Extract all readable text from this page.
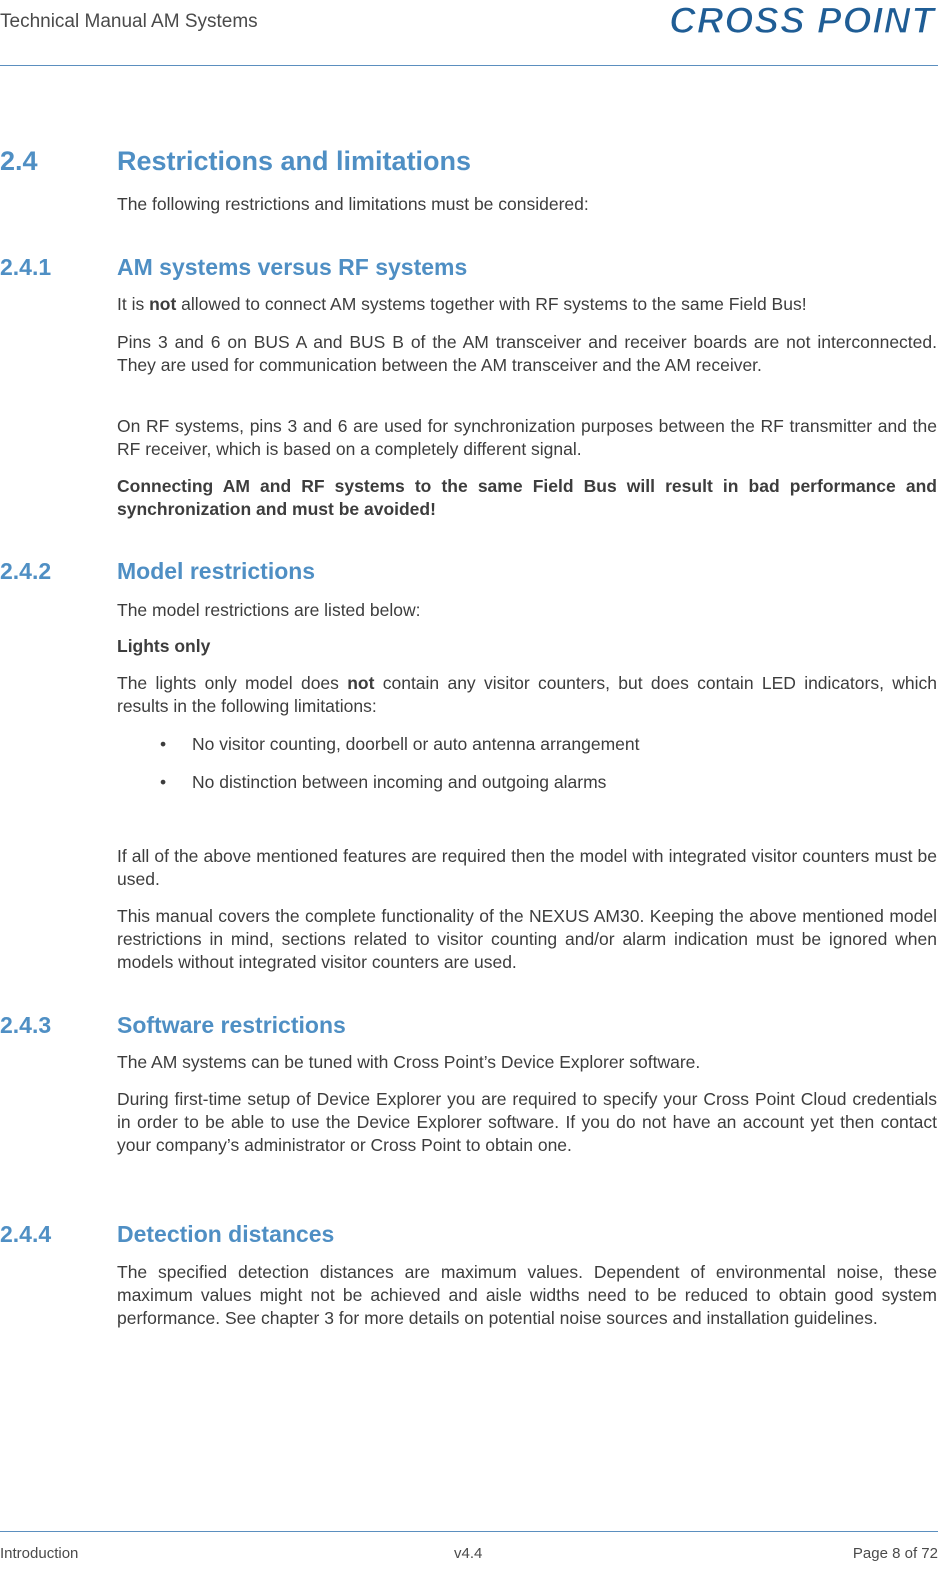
Technical Manual AM Systems	CROSS POINT
2.4	Restrictions and limitations
The following restrictions and limitations must be considered:
2.4.1	AM systems versus RF systems
It is not allowed to connect AM systems together with RF systems to the same Field Bus!
Pins 3 and 6 on BUS A and BUS B of the AM transceiver and receiver boards are not interconnected. They are used for communication between the AM transceiver and the AM receiver.
On RF systems, pins 3 and 6 are used for synchronization purposes between the RF transmitter and the RF receiver, which is based on a completely different signal.
Connecting AM and RF systems to the same Field Bus will result in bad performance and synchronization and must be avoided!
2.4.2	Model restrictions
The model restrictions are listed below:
Lights only
The lights only model does not contain any visitor counters, but does contain LED indicators, which results in the following limitations:
• No visitor counting, doorbell or auto antenna arrangement
• No distinction between incoming and outgoing alarms
If all of the above mentioned features are required then the model with integrated visitor counters must be used.
This manual covers the complete functionality of the NEXUS AM30. Keeping the above mentioned model restrictions in mind, sections related to visitor counting and/or alarm indication must be ignored when models without integrated visitor counters are used.
2.4.3	Software restrictions
The AM systems can be tuned with Cross Point’s Device Explorer software.
During first-time setup of Device Explorer you are required to specify your Cross Point Cloud credentials in order to be able to use the Device Explorer software. If you do not have an account yet then contact your company’s administrator or Cross Point to obtain one.
2.4.4	Detection distances
The specified detection distances are maximum values. Dependent of environmental noise, these maximum values might not be achieved and aisle widths need to be reduced to obtain good system performance. See chapter 3 for more details on potential noise sources and installation guidelines.
Introduction	v4.4	Page 8 of 72
